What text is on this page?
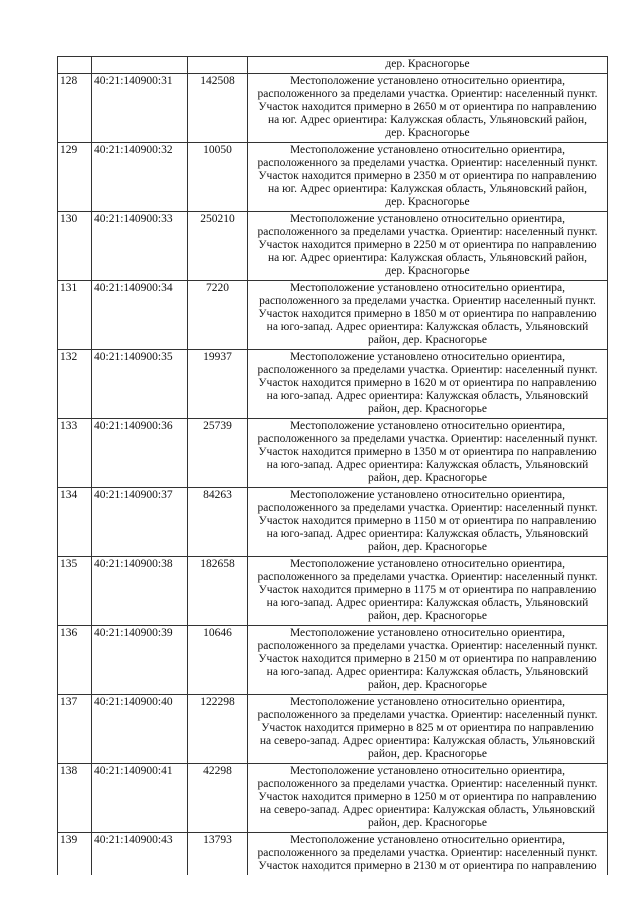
			дер. Красногорье

128	40:21:140900:31	142508	Местоположение установлено относительно ориентира,
расположенного за пределами участка. Ориентир: населенный пункт.
Участок находится примерно в 2650 м от ориентира по направлению
на юг. Адрес ориентира: Калужская область, Ульяновский район,
дер. Красногорье

129	40:21:140900:32	10050	Местоположение установлено относительно ориентира,
расположенного за пределами участка. Ориентир: населенный пункт.
Участок находится примерно в 2350 м от ориентира по направлению
на юг. Адрес ориентира: Калужская область, Ульяновский район,
дер. Красногорье

130	40:21:140900:33	250210	Местоположение установлено относительно ориентира,
расположенного за пределами участка. Ориентир: населенный пункт.
Участок находится примерно в 2250 м от ориентира по направлению
на юг. Адрес ориентира: Калужская область, Ульяновский район,
дер. Красногорье

131	40:21:140900:34	7220	Местоположение установлено относительно ориентира,
расположенного за пределами участка. Ориентир населенный пункт.
Участок находится примерно в 1850 м от ориентира по направлению
на юго-запад. Адрес ориентира: Калужская область, Ульяновский
район, дер. Красногорье

132	40:21:140900:35	19937	Местоположение установлено относительно ориентира,
расположенного за пределами участка. Ориентир: населенный пункт.
Участок находится примерно в 1620 м от ориентира по направлению
на юго-запад. Адрес ориентира: Калужская область, Ульяновский
район, дер. Красногорье

133	40:21:140900:36	25739	Местоположение установлено относительно ориентира,
расположенного за пределами участка. Ориентир: населенный пункт.
Участок находится примерно в 1350 м от ориентира по направлению
на юго-запад. Адрес ориентира: Калужская область, Ульяновский
район, дер. Красногорье

134	40:21:140900:37	84263	Местоположение установлено относительно ориентира,
расположенного за пределами участка. Ориентир: населенный пункт.
Участок находится примерно в 1150 м от ориентира по направлению
на юго-запад. Адрес ориентира: Калужская область, Ульяновский
район, дер. Красногорье

135	40:21:140900:38	182658	Местоположение установлено относительно ориентира,
расположенного за пределами участка. Ориентир: населенный пункт.
Участок находится примерно в 1175 м от ориентира по направлению
на юго-запад. Адрес ориентира: Калужская область, Ульяновский
район, дер. Красногорье

136	40:21:140900:39	10646	Местоположение установлено относительно ориентира,
расположенного за пределами участка. Ориентир: населенный пункт.
Участок находится примерно в 2150 м от ориентира по направлению
на юго-запад. Адрес ориентира: Калужская область, Ульяновский
район, дер. Красногорье

137	40:21:140900:40	122298	Местоположение установлено относительно ориентира,
расположенного за пределами участка. Ориентир: населенный пункт.
Участок находится примерно в 825 м от ориентира по направлению
на северо-запад. Адрес ориентира: Калужская область, Ульяновский
район, дер. Красногорье

138	40:21:140900:41	42298	Местоположение установлено относительно ориентира,
расположенного за пределами участка. Ориентир: населенный пункт.
Участок находится примерно в 1250 м от ориентира по направлению
на северо-запад. Адрес ориентира: Калужская область, Ульяновский
район, дер. Красногорье

139	40:21:140900:43	13793	Местоположение установлено относительно ориентира,
расположенного за пределами участка. Ориентир: населенный пункт.
Участок находится примерно в 2130 м от ориентира по направлению
